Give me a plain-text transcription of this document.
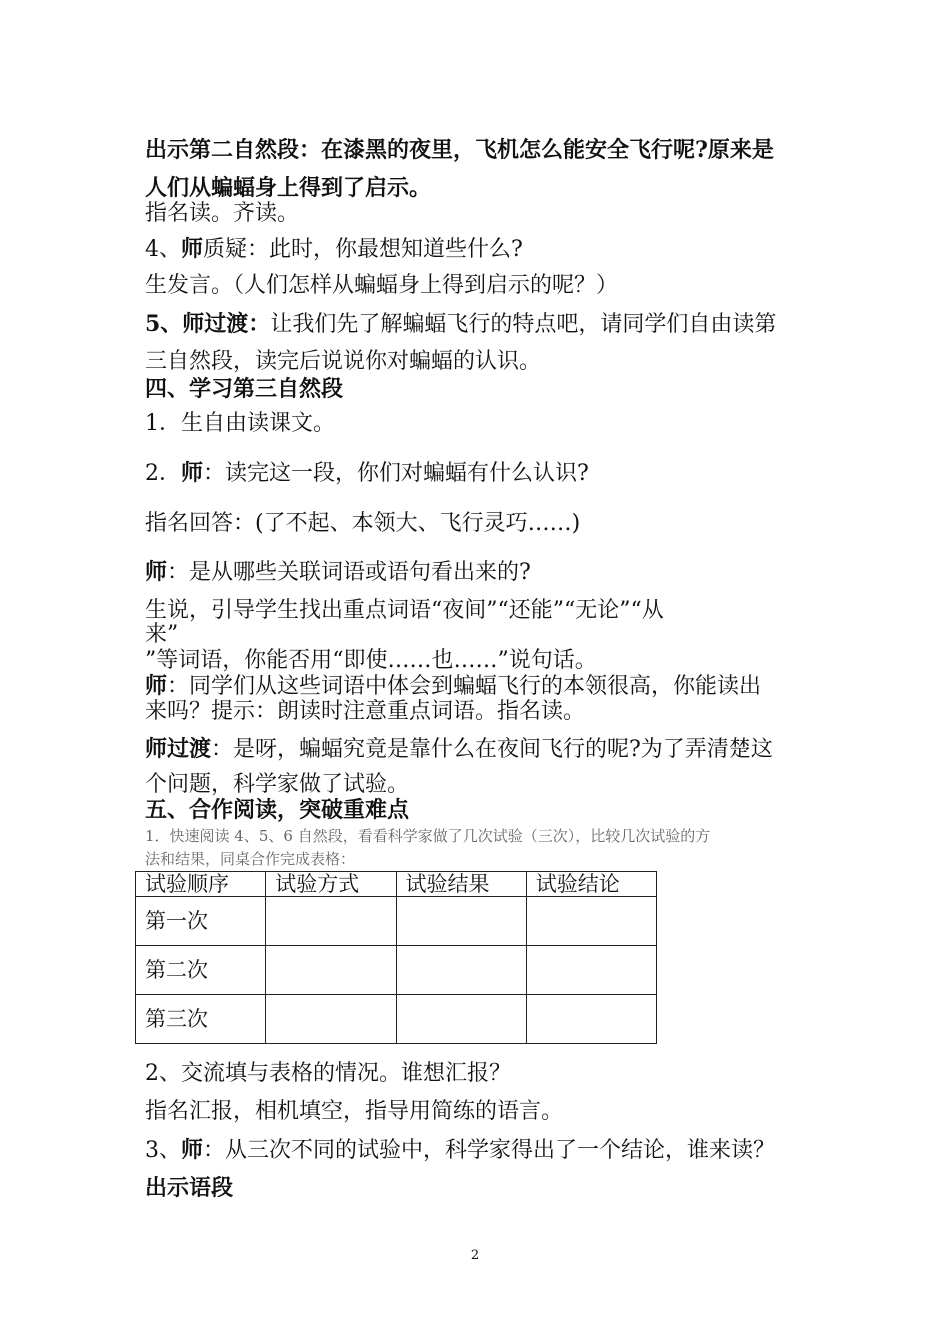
出示第二自然段：在漆黑的夜里，飞机怎么能安全飞行呢?原来是
人们从蝙蝠身上得到了启示。
指名读。齐读。
4、师质疑：此时，你最想知道些什么?
生发言。（人们怎样从蝙蝠身上得到启示的呢？）
5、师过渡：让我们先了解蝙蝠飞行的特点吧，请同学们自由读第
三自然段，读完后说说你对蝙蝠的认识。
四、学习第三自然段
1．生自由读课文。
2．师：读完这一段，你们对蝙蝠有什么认识?
指名回答：(了不起、本领大、飞行灵巧……)
师：是从哪些关联词语或语句看出来的?
生说，引导学生找出重点词语“夜间”“还能”“无论”“从
来”
”等词语，你能否用“即使……也……”说句话。
师：同学们从这些词语中体会到蝙蝠飞行的本领很高，你能读出
来吗？提示：朗读时注意重点词语。指名读。
师过渡：是呀，蝙蝠究竟是靠什么在夜间飞行的呢?为了弄清楚这
个问题，科学家做了试验。
五、合作阅读，突破重难点
1．快速阅读 4、5、6 自然段，看看科学家做了几次试验（三次），比较几次试验的方
法和结果，同桌合作完成表格：
试验顺序	试验方式	试验结果	试验结论
第一次			
第二次			
第三次			
2、交流填与表格的情况。谁想汇报？
指名汇报，相机填空，指导用简练的语言。
3、师：从三次不同的试验中，科学家得出了一个结论，谁来读？
出示语段
2
